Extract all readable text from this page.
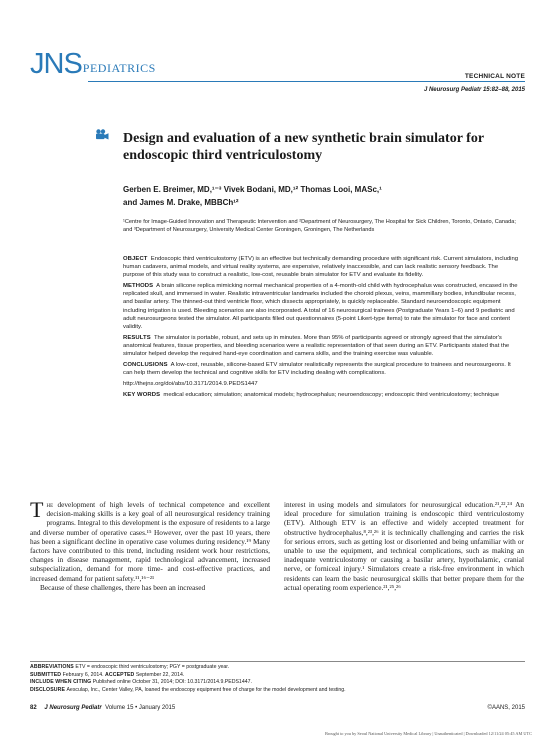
JNS PEDIATRICS
TECHNICAL NOTE
J Neurosurg Pediatr 15:82–88, 2015
Design and evaluation of a new synthetic brain simulator for endoscopic third ventriculostomy
Gerben E. Breimer, MD,¹⁻³ Vivek Bodani, MD,¹² Thomas Looi, MASc,¹
and James M. Drake, MBBCh¹²
¹Centre for Image-Guided Innovation and Therapeutic Intervention and ²Department of Neurosurgery, The Hospital for Sick Children, Toronto, Ontario, Canada; and ³Department of Neurosurgery, University Medical Center Groningen, Groningen, The Netherlands

OBJECT Endoscopic third ventriculostomy (ETV) is an effective but technically demanding procedure with significant risk. Current simulators, including human cadavers, animal models, and virtual reality systems, are expensive, relatively inaccessible, and can lack realistic sensory feedback. The purpose of this study was to construct a realistic, low-cost, reusable brain simulator for ETV and evaluate its fidelity.

METHODS A brain silicone replica mimicking normal mechanical properties of a 4-month-old child with hydrocephalus was constructed, encased in the replicated skull, and immersed in water. Realistic intraventricular landmarks included the choroid plexus, veins, mammillary bodies, infundibular recess, and basilar artery. The thinned-out third ventricle floor, which dissects appropriately, is quickly replaceable. Standard neuroendoscopic equipment including irrigation is used. Bleeding scenarios are also incorporated. A total of 16 neurosurgical trainees (Postgraduate Years 1–6) and 9 pediatric and adult neurosurgeons tested the simulator. All participants filled out questionnaires (5-point Likert-type items) to rate the simulator for face and content validity.

RESULTS The simulator is portable, robust, and sets up in minutes. More than 95% of participants agreed or strongly agreed that the simulator's anatomical features, tissue properties, and bleeding scenarios were a realistic representation of that seen during an ETV. Participants stated that the simulator helped develop the required hand-eye coordination and camera skills, and the training exercise was valuable.

CONCLUSIONS A low-cost, reusable, silicone-based ETV simulator realistically represents the surgical procedure to trainees and neurosurgeons. It can help them develop the technical and cognitive skills for ETV including dealing with complications.

http://thejns.org/doi/abs/10.3171/2014.9.PEDS1447

KEY WORDS medical education; simulation; anatomical models; hydrocephalus; neuroendoscopy; endoscopic third ventriculostomy; technique

The development of high levels of technical competence and excellent decision-making skills is a key goal of all neurosurgical residency training programs. Integral to this development is the exposure of residents to a large and diverse number of operative cases.¹⁵ However, over the past 10 years, there has been a significant decline in operative case volumes during residency.¹⁹ Many factors have contributed to this trend, including resident work hour restrictions, changes in disease management, rapid technological advancement, increased subspecialization, demand for more time- and cost-effective practices, and increased demand for patient safety.¹¹,¹⁶⁻²¹

Because of these challenges, there has been an increased

interest in using models and simulators for neurosurgical education.²¹,²²,²⁴ An ideal procedure for simulation training is endoscopic third ventriculostomy (ETV). Although ETV is an effective and widely accepted treatment for obstructive hydrocephalus,⁸,²³,²⁶ it is technically challenging and carries the risk for serious errors, such as getting lost or disoriented and being unfamiliar with or unable to use the equipment, and technical complications, such as making an inadequate ventriculostomy or causing a basilar artery, hypothalamic, cranial nerve, or forniceal injury.¹ Simulators create a risk-free environment in which residents can learn the basic neurosurgical skills that better prepare them for the actual operating room experience.²¹,²⁵,²⁶

ABBREVIATIONS ETV = endoscopic third ventriculostomy; PGY = postgraduate year.
SUBMITTED February 6, 2014. ACCEPTED September 22, 2014.
INCLUDE WHEN CITING Published online October 31, 2014; DOI: 10.3171/2014.9.PEDS1447.
DISCLOSURE Aesculap, Inc., Center Valley, PA, loaned the endoscopy equipment free of charge for the model development and testing.
82 J Neurosurg Pediatr Volume 15 • January 2015	©AANS, 2015
Brought to you by Seoul National University Medical Library | Unauthenticated | Downloaded 12/11/24 05:45 AM UTC
